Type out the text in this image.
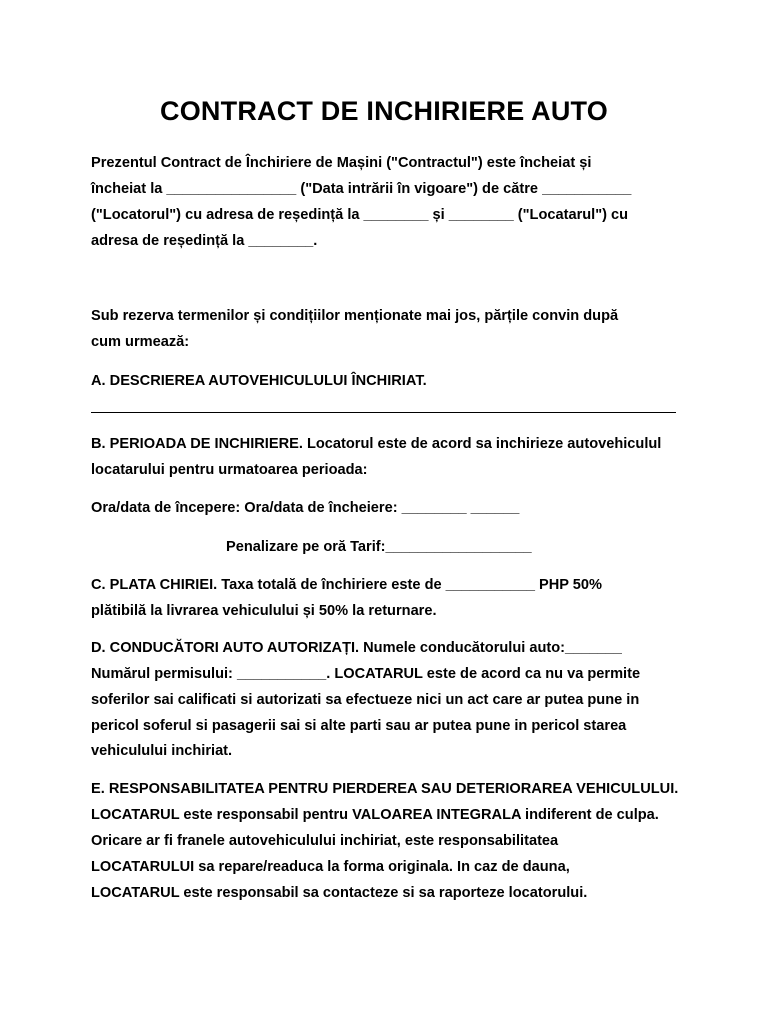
CONTRACT DE INCHIRIERE AUTO
Prezentul Contract de Închiriere de Mașini ("Contractul") este încheiat și
încheiat la ________________ ("Data intrării în vigoare") de către ___________
("Locatorul") cu adresa de reședință la ________ și ________ ("Locatarul") cu
adresa de reședință la ________.
Sub rezerva termenilor și condițiilor menționate mai jos, părțile convin după
cum urmează:
A. DESCRIEREA AUTOVEHICULULUI ÎNCHIRIAT.
B. PERIOADA DE INCHIRIERE. Locatorul este de acord sa inchirieze autovehiculul
locatarului pentru urmatoarea perioada:
Ora/data de începere: Ora/data de încheiere: ________ ______
Penalizare pe oră Tarif:__________________
C. PLATA CHIRIEI. Taxa totală de închiriere este de ___________ PHP 50%
plătibilă la livrarea vehiculului și 50% la returnare.
D. CONDUCĂTORI AUTO AUTORIZAȚI. Numele conducătorului auto:_______
Numărul permisului: ___________. LOCATARUL este de acord ca nu va permite
soferilor sai calificati si autorizati sa efectueze nici un act care ar putea pune in
pericol soferul si pasagerii sai si alte parti sau ar putea pune in pericol starea
vehiculului inchiriat.
E. RESPONSABILITATEA PENTRU PIERDEREA SAU DETERIORAREA VEHICULULUI.
LOCATARUL este responsabil pentru VALOAREA INTEGRALA indiferent de culpa.
Oricare ar fi franele autovehiculului inchiriat, este responsabilitatea
LOCATARULUI sa repare/readuca la forma originala. In caz de dauna,
LOCATARUL este responsabil sa contacteze si sa raporteze locatorului.
